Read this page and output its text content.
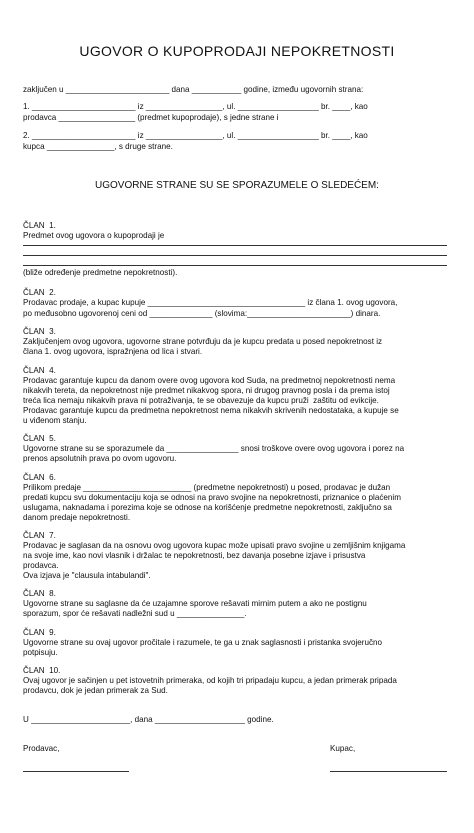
UGOVOR O KUPOPRODAJI NEPOKRETNOSTI
zaključen u _______________________ dana ___________ godine, između ugovornih strana:
1. _______________________ iz _________________, ul. __________________ br. ____, kao
prodavca _________________ (predmet kupoprodaje), s jedne strane i
2. _______________________ iz _________________, ul. __________________ br. ____, kao
kupca _______________, s druge strane.
UGOVORNE STRANE SU SE SPORAZUMELE O SLEDEĆEM:
ČLAN  1.
Predmet ovog ugovora o kupoprodaji je
(bliže određenje predmetne nepokretnosti).
ČLAN  2.
Prodavac prodaje, a kupac kupuje ___________________________________ iz člana 1. ovog ugovora,
po međusobno ugovorenoj ceni od ______________ (slovima:_______________________) dinara.
ČLAN  3.
Zaključenjem ovog ugovora, ugovorne strane potvrđuju da je kupcu predata u posed nepokretnost iz
člana 1. ovog ugovora, ispražnjena od lica i stvari.
ČLAN  4.
Prodavac garantuje kupcu da danom overe ovog ugovora kod Suda, na predmetnoj nepokretnosti nema
nikakvih tereta, da nepokretnost nije predmet nikakvog spora, ni drugog pravnog posla i da prema istoj
treća lica nemaju nikakvih prava ni potraživanja, te se obavezuje da kupcu pruži  zaštitu od evikcije.
Prodavac garantuje kupcu da predmetna nepokretnost nema nikakvih skrivenih nedostataka, a kupuje se
u viđenom stanju.
ČLAN  5.
Ugovorne strane su se sporazumele da ________________ snosi troškove overe ovog ugovora i porez na
prenos apsolutnih prava po ovom ugovoru.
ČLAN  6.
Prilikom predaje ________________________ (predmetne nepokretnosti) u posed, prodavac je dužan
predati kupcu svu dokumentaciju koja se odnosi na pravo svojine na nepokretnosti, priznanice o plaćenim
uslugama, naknadama i porezima koje se odnose na korišćenje predmetne nepokretnosti, zaključno sa
danom predaje nepokretnosti.
ČLAN  7.
Prodavac je saglasan da na osnovu ovog ugovora kupac može upisati pravo svojine u zemljišnim knjigama
na svoje ime, kao novi vlasnik i držalac te nepokretnosti, bez davanja posebne izjave i prisustva
prodavca.
Ova izjava je "clausula intabulandi".
ČLAN  8.
Ugovorne strane su saglasne da će uzajamne sporove rešavati mirnim putem a ako ne postignu
sporazum, spor će rešavati nadležni sud u _______________.
ČLAN  9.
Ugovorne strane su ovaj ugovor pročitale i razumele, te ga u znak saglasnosti i pristanka svojeručno
potpisuju.
ČLAN  10.
Ovaj ugovor je sačinjen u pet istovetnih primeraka, od kojih tri pripadaju kupcu, a jedan primerak pripada
prodavcu, dok je jedan primerak za Sud.
U ______________________, dana ____________________ godine.
Prodavac,	Kupac,
